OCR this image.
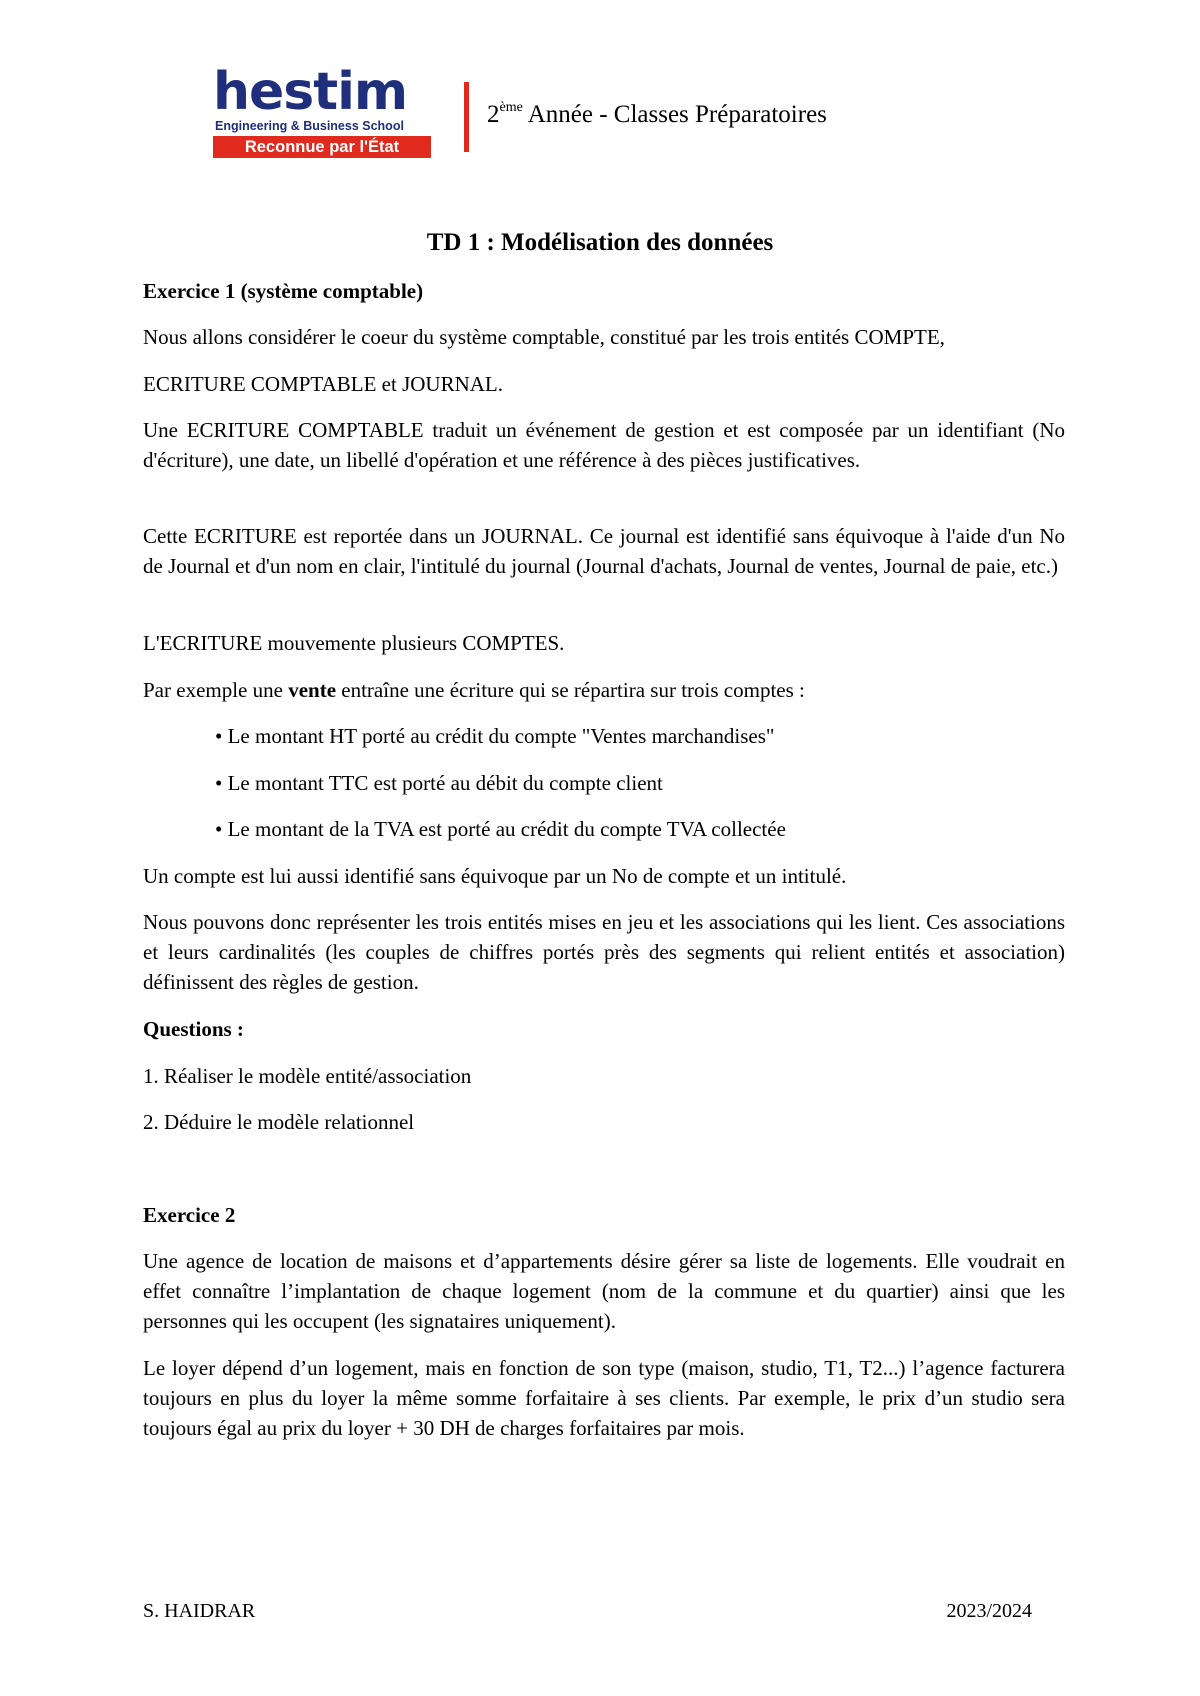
hestim
Engineering & Business School
Reconnue par l'État
2ème Année - Classes Préparatoires
TD 1 : Modélisation des données
Exercice 1 (système comptable)
Nous allons considérer le coeur du système comptable, constitué par les trois entités COMPTE,
ECRITURE COMPTABLE et JOURNAL.
Une ECRITURE COMPTABLE traduit un événement de gestion et est composée par un identifiant (No d'écriture), une date, un libellé d'opération et une référence à des pièces justificatives.
Cette ECRITURE est reportée dans un JOURNAL. Ce journal est identifié sans équivoque à l'aide d'un No de Journal et d'un nom en clair, l'intitulé du journal (Journal d'achats, Journal de ventes, Journal de paie, etc.)
L'ECRITURE mouvemente plusieurs COMPTES.
Par exemple une vente entraîne une écriture qui se répartira sur trois comptes :
• Le montant HT porté au crédit du compte "Ventes marchandises"
• Le montant TTC est porté au débit du compte client
• Le montant de la TVA est porté au crédit du compte TVA collectée
Un compte est lui aussi identifié sans équivoque par un No de compte et un intitulé.
Nous pouvons donc représenter les trois entités mises en jeu et les associations qui les lient. Ces associations et leurs cardinalités (les couples de chiffres portés près des segments qui relient entités et association) définissent des règles de gestion.
Questions :
1. Réaliser le modèle entité/association
2. Déduire le modèle relationnel
Exercice 2
Une agence de location de maisons et d’appartements désire gérer sa liste de logements. Elle voudrait en effet connaître l’implantation de chaque logement (nom de la commune et du quartier) ainsi que les personnes qui les occupent (les signataires uniquement).
Le loyer dépend d’un logement, mais en fonction de son type (maison, studio, T1, T2...) l’agence facturera toujours en plus du loyer la même somme forfaitaire à ses clients. Par exemple, le prix d’un studio sera toujours égal au prix du loyer + 30 DH de charges forfaitaires par mois.
S. HAIDRAR	2023/2024
